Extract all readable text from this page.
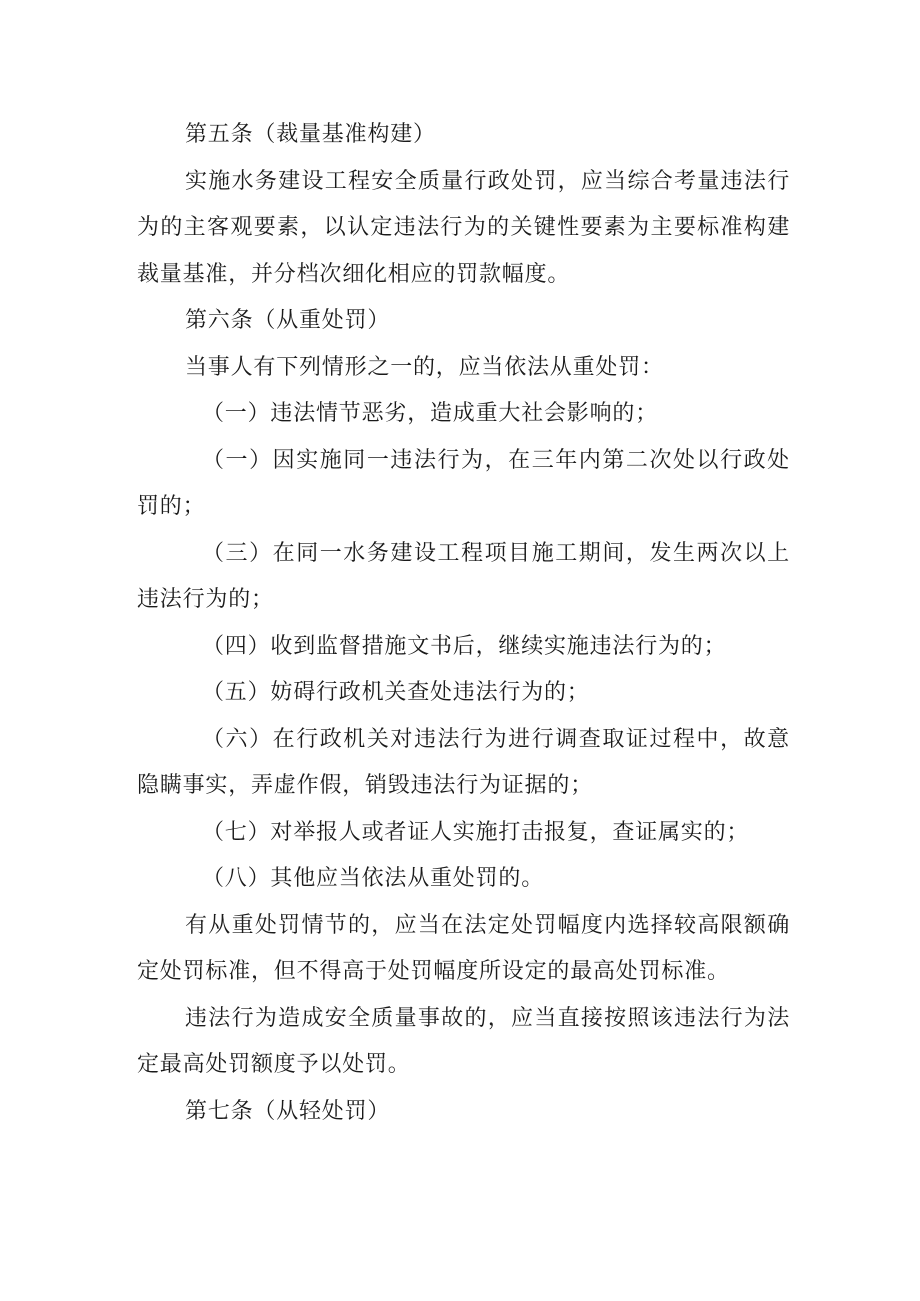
第五条（裁量基准构建）

实施水务建设工程安全质量行政处罚，应当综合考量违法行为的主客观要素，以认定违法行为的关键性要素为主要标准构建裁量基准，并分档次细化相应的罚款幅度。

第六条（从重处罚）

当事人有下列情形之一的，应当依法从重处罚：

（一）违法情节恶劣，造成重大社会影响的；

（一）因实施同一违法行为，在三年内第二次处以行政处罚的；

（三）在同一水务建设工程项目施工期间，发生两次以上违法行为的；

（四）收到监督措施文书后，继续实施违法行为的；

（五）妨碍行政机关查处违法行为的；

（六）在行政机关对违法行为进行调查取证过程中，故意隐瞒事实，弄虚作假，销毁违法行为证据的；

（七）对举报人或者证人实施打击报复，查证属实的；

（八）其他应当依法从重处罚的。

有从重处罚情节的，应当在法定处罚幅度内选择较高限额确定处罚标准，但不得高于处罚幅度所设定的最高处罚标准。

违法行为造成安全质量事故的，应当直接按照该违法行为法定最高处罚额度予以处罚。

第七条（从轻处罚）
